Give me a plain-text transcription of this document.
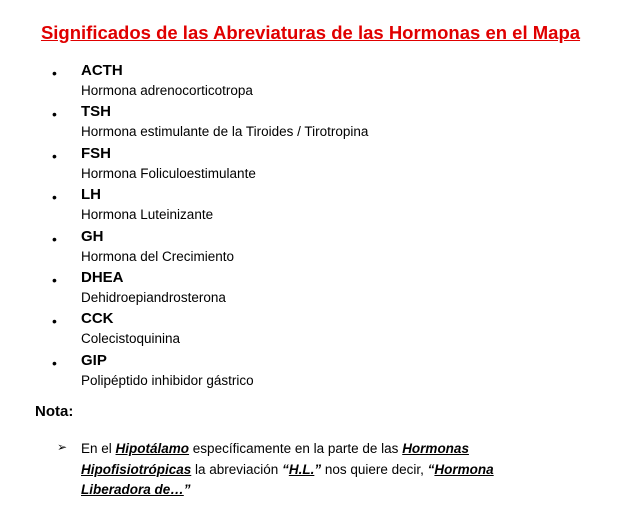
Significados de las Abreviaturas de las Hormonas en el Mapa
• ACTH
Hormona adrenocorticotropa
• TSH
Hormona estimulante de la Tiroides / Tirotropina
• FSH
Hormona Foliculoestimulante
• LH
Hormona Luteinizante
• GH
Hormona del Crecimiento
• DHEA
Dehidroepiandrosterona
• CCK
Colecistoquinina
• GIP
Polipéptido inhibidor gástrico
Nota:
➢ En el Hipotálamo específicamente en la parte de las Hormonas Hipofisiotrópicas la abreviación “H.L.” nos quiere decir, “Hormona Liberadora de…”
